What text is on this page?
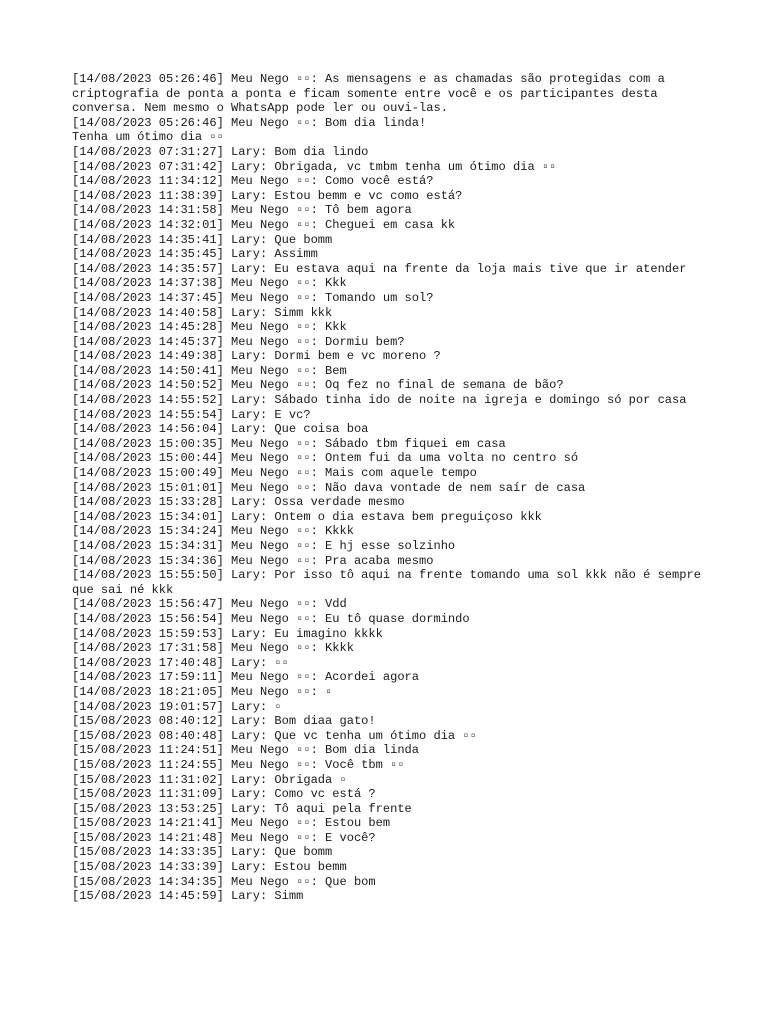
[14/08/2023 05:26:46] Meu Nego ▫▫: As mensagens e as chamadas são protegidas com a criptografia de ponta a ponta e ficam somente entre você e os participantes desta conversa. Nem mesmo o WhatsApp pode ler ou ouvi-las.
[14/08/2023 05:26:46] Meu Nego ▫▫: Bom dia linda!
Tenha um ótimo dia ▫▫
[14/08/2023 07:31:27] Lary: Bom dia lindo
[14/08/2023 07:31:42] Lary: Obrigada, vc tmbm tenha um ótimo dia ▫▫
[14/08/2023 11:34:12] Meu Nego ▫▫: Como você está?
[14/08/2023 11:38:39] Lary: Estou bemm e vc como está?
[14/08/2023 14:31:58] Meu Nego ▫▫: Tô bem agora
[14/08/2023 14:32:01] Meu Nego ▫▫: Cheguei em casa kk
[14/08/2023 14:35:41] Lary: Que bomm
[14/08/2023 14:35:45] Lary: Assimm
[14/08/2023 14:35:57] Lary: Eu estava aqui na frente da loja mais tive que ir atender
[14/08/2023 14:37:38] Meu Nego ▫▫: Kkk
[14/08/2023 14:37:45] Meu Nego ▫▫: Tomando um sol?
[14/08/2023 14:40:58] Lary: Simm kkk
[14/08/2023 14:45:28] Meu Nego ▫▫: Kkk
[14/08/2023 14:45:37] Meu Nego ▫▫: Dormiu bem?
[14/08/2023 14:49:38] Lary: Dormi bem e vc moreno ?
[14/08/2023 14:50:41] Meu Nego ▫▫: Bem
[14/08/2023 14:50:52] Meu Nego ▫▫: Oq fez no final de semana de bão?
[14/08/2023 14:55:52] Lary: Sábado tinha ido de noite na igreja e domingo só por casa
[14/08/2023 14:55:54] Lary: E vc?
[14/08/2023 14:56:04] Lary: Que coisa boa
[14/08/2023 15:00:35] Meu Nego ▫▫: Sábado tbm fiquei em casa
[14/08/2023 15:00:44] Meu Nego ▫▫: Ontem fui da uma volta no centro só
[14/08/2023 15:00:49] Meu Nego ▫▫: Mais com aquele tempo
[14/08/2023 15:01:01] Meu Nego ▫▫: Não dava vontade de nem saír de casa
[14/08/2023 15:33:28] Lary: Ossa verdade mesmo
[14/08/2023 15:34:01] Lary: Ontem o dia estava bem preguiçoso kkk
[14/08/2023 15:34:24] Meu Nego ▫▫: Kkkk
[14/08/2023 15:34:31] Meu Nego ▫▫: E hj esse solzinho
[14/08/2023 15:34:36] Meu Nego ▫▫: Pra acaba mesmo
[14/08/2023 15:55:50] Lary: Por isso tô aqui na frente tomando uma sol kkk não é sempre que sai né kkk
[14/08/2023 15:56:47] Meu Nego ▫▫: Vdd
[14/08/2023 15:56:54] Meu Nego ▫▫: Eu tô quase dormindo
[14/08/2023 15:59:53] Lary: Eu imagino kkkk
[14/08/2023 17:31:58] Meu Nego ▫▫: Kkkk
[14/08/2023 17:40:48] Lary: ▫▫
[14/08/2023 17:59:11] Meu Nego ▫▫: Acordei agora
[14/08/2023 18:21:05] Meu Nego ▫▫: ▫
[14/08/2023 19:01:57] Lary: ▫
[15/08/2023 08:40:12] Lary: Bom diaa gato!
[15/08/2023 08:40:48] Lary: Que vc tenha um ótimo dia ▫▫
[15/08/2023 11:24:51] Meu Nego ▫▫: Bom dia linda
[15/08/2023 11:24:55] Meu Nego ▫▫: Você tbm ▫▫
[15/08/2023 11:31:02] Lary: Obrigada ▫
[15/08/2023 11:31:09] Lary: Como vc está ?
[15/08/2023 13:53:25] Lary: Tô aqui pela frente
[15/08/2023 14:21:41] Meu Nego ▫▫: Estou bem
[15/08/2023 14:21:48] Meu Nego ▫▫: E você?
[15/08/2023 14:33:35] Lary: Que bomm
[15/08/2023 14:33:39] Lary: Estou bemm
[15/08/2023 14:34:35] Meu Nego ▫▫: Que bom
[15/08/2023 14:45:59] Lary: Simm
